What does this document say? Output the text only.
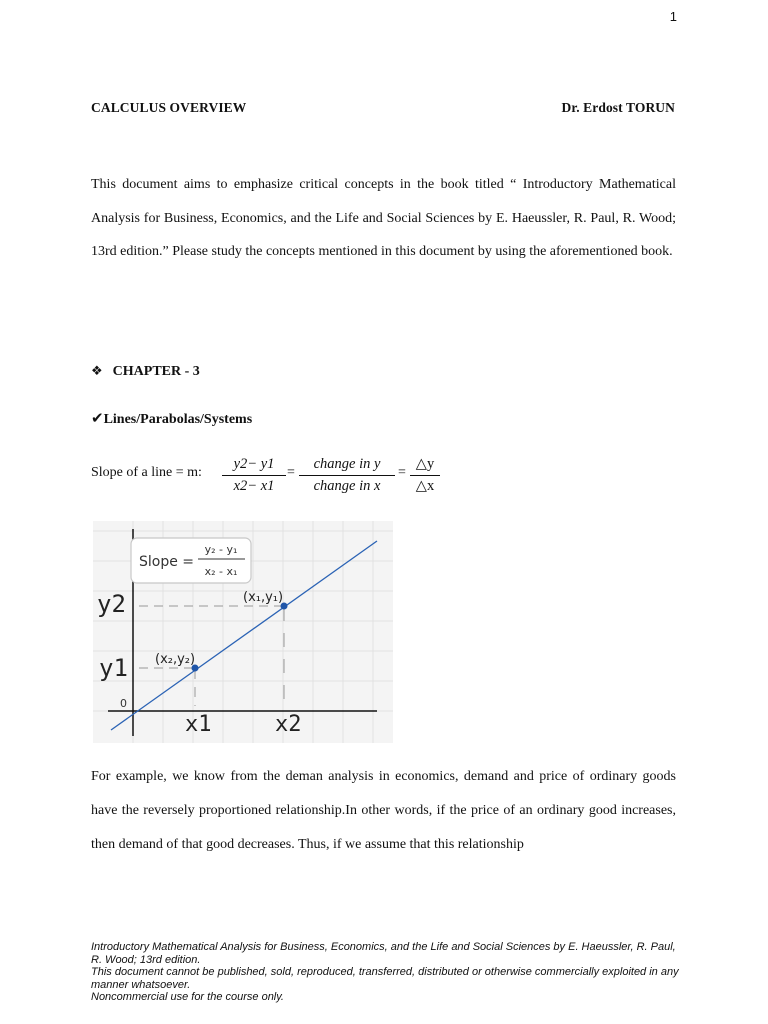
1
CALCULUS OVERVIEW	Dr. Erdost TORUN

This document aims to emphasize critical concepts in the book titled “ Introductory Mathematical Analysis for Business, Economics, and the Life and Social Sciences by E. Haeussler, R. Paul, R. Wood; 13rd edition.” Please study the concepts mentioned in this document by using the aforementioned book.

❖ CHAPTER - 3
✔Lines/Parabolas/Systems
Slope of a line = m: $\frac{y2- y1}{x2- x1}$ =
change in y
change in x
= $\frac{\triangle y}{\triangle x}$
Slope =
y₂ - y₁
x₂ - x₁
y2
y1
0
x1	x2
(x₁,y₁)
(x₂,y₂)

For example, we know from the deman analysis in economics, demand and price of ordinary goods have the reversely proportioned relationship.In other words, if the price of an ordinary good increases, then demand of that good decreases. Thus, if we assume that this relationship

Introductory Mathematical Analysis for Business, Economics, and the Life and Social Sciences by E. Haeussler, R. Paul, R. Wood; 13rd edition.
This document cannot be published, sold, reproduced, transferred, distributed or otherwise commercially exploited in any manner whatsoever.
Noncommercial use for the course only.
